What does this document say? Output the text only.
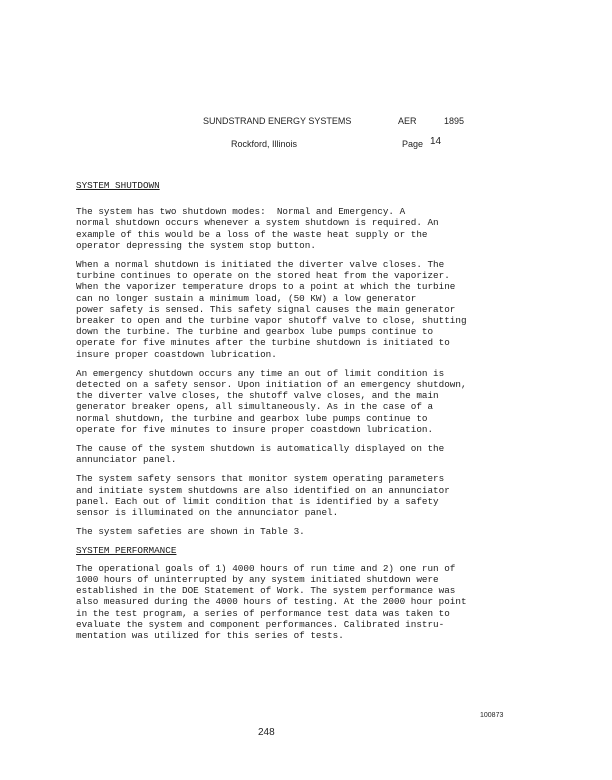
SUNDSTRAND ENERGY SYSTEMS	AER	1895
Rockford, Illinois	Page 14
SYSTEM SHUTDOWN

The system has two shutdown modes:  Normal and Emergency. A
normal shutdown occurs whenever a system shutdown is required. An
example of this would be a loss of the waste heat supply or the
operator depressing the system stop button.

When a normal shutdown is initiated the diverter valve closes. The
turbine continues to operate on the stored heat from the vaporizer.
When the vaporizer temperature drops to a point at which the turbine
can no longer sustain a minimum load, (50 KW) a low generator
power safety is sensed. This safety signal causes the main generator
breaker to open and the turbine vapor shutoff valve to close, shutting
down the turbine. The turbine and gearbox lube pumps continue to
operate for five minutes after the turbine shutdown is initiated to
insure proper coastdown lubrication.

An emergency shutdown occurs any time an out of limit condition is
detected on a safety sensor. Upon initiation of an emergency shutdown,
the diverter valve closes, the shutoff valve closes, and the main
generator breaker opens, all simultaneously. As in the case of a
normal shutdown, the turbine and gearbox lube pumps continue to
operate for five minutes to insure proper coastdown lubrication.

The cause of the system shutdown is automatically displayed on the
annunciator panel.

The system safety sensors that monitor system operating parameters
and initiate system shutdowns are also identified on an annunciator
panel. Each out of limit condition that is identified by a safety
sensor is illuminated on the annunciator panel.

The system safeties are shown in Table 3.

SYSTEM PERFORMANCE

The operational goals of 1) 4000 hours of run time and 2) one run of
1000 hours of uninterrupted by any system initiated shutdown were
established in the DOE Statement of Work. The system performance was
also measured during the 4000 hours of testing. At the 2000 hour point
in the test program, a series of performance test data was taken to
evaluate the system and component performances. Calibrated instru-
mentation was utilized for this series of tests.

100873
248
